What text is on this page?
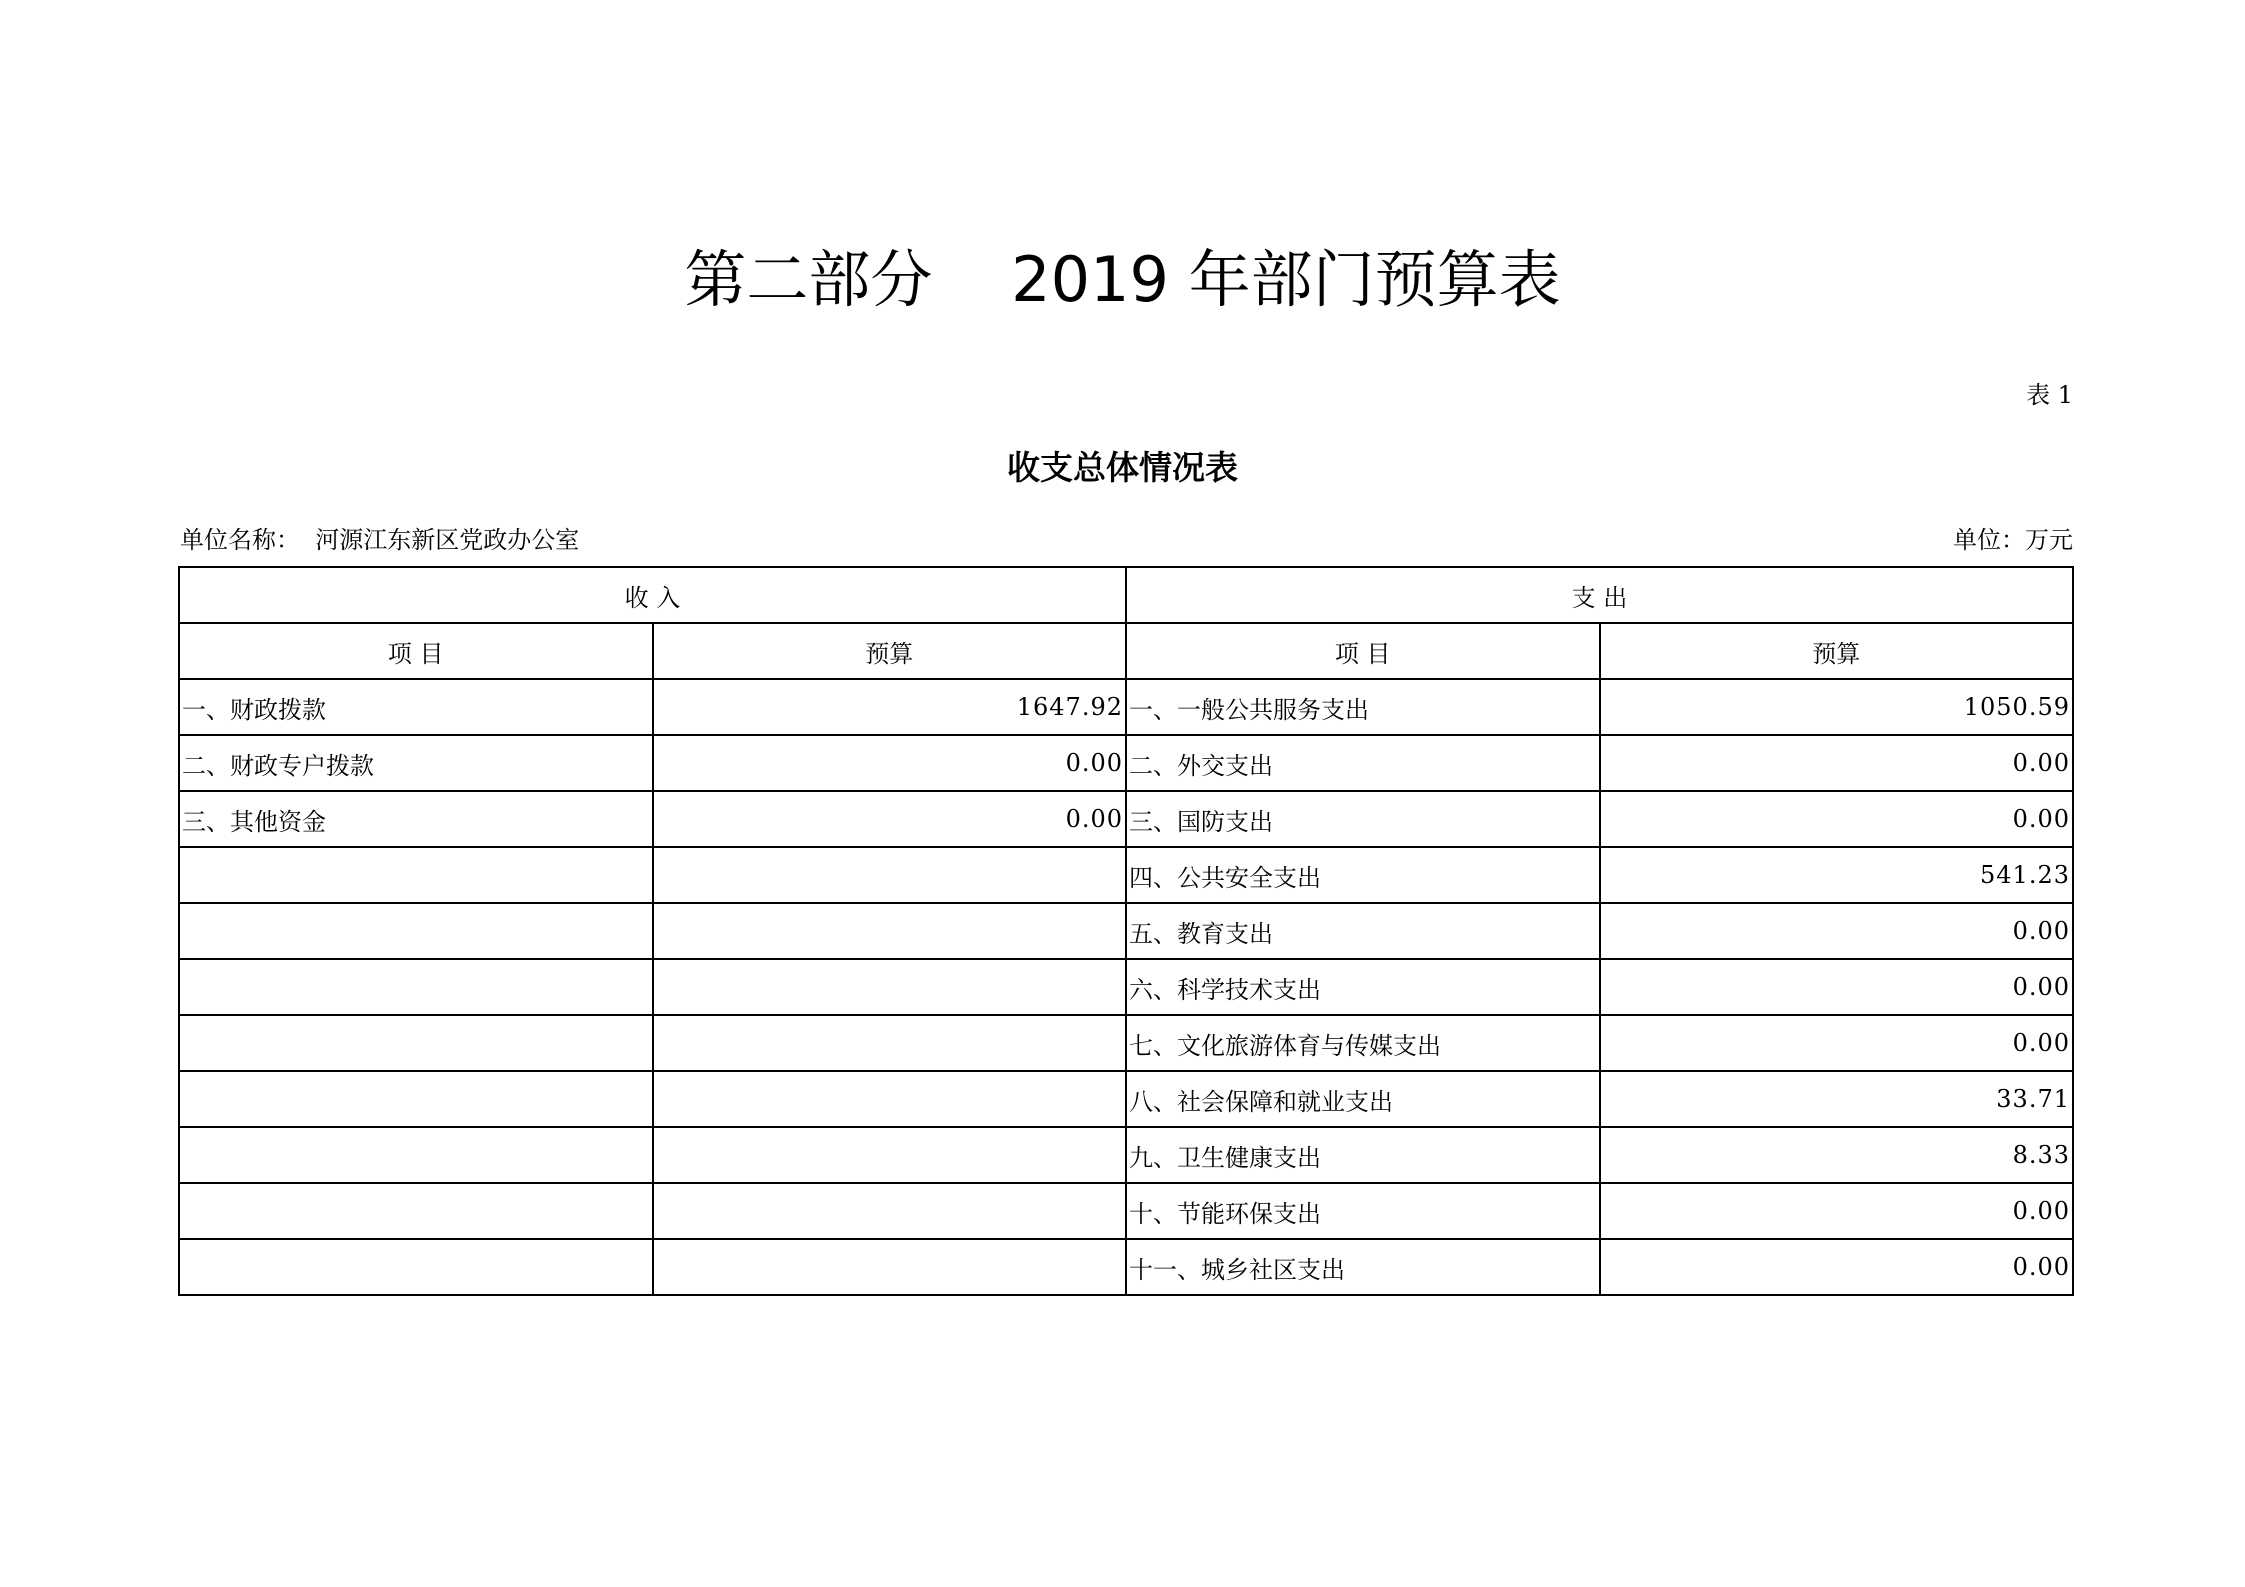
第二部分    2019 年部门预算表
表 1
收支总体情况表
单位名称：  河源江东新区党政办公室	单位：万元
收 入		支 出	
项 目	预算	项 目	预算
一、财政拨款	1647.92	一、一般公共服务支出	1050.59
二、财政专户拨款	0.00	二、外交支出	0.00
三、其他资金	0.00	三、国防支出	0.00
		四、公共安全支出	541.23
		五、教育支出	0.00
		六、科学技术支出	0.00
		七、文化旅游体育与传媒支出	0.00
		八、社会保障和就业支出	33.71
		九、卫生健康支出	8.33
		十、节能环保支出	0.00
		十一、城乡社区支出	0.00
